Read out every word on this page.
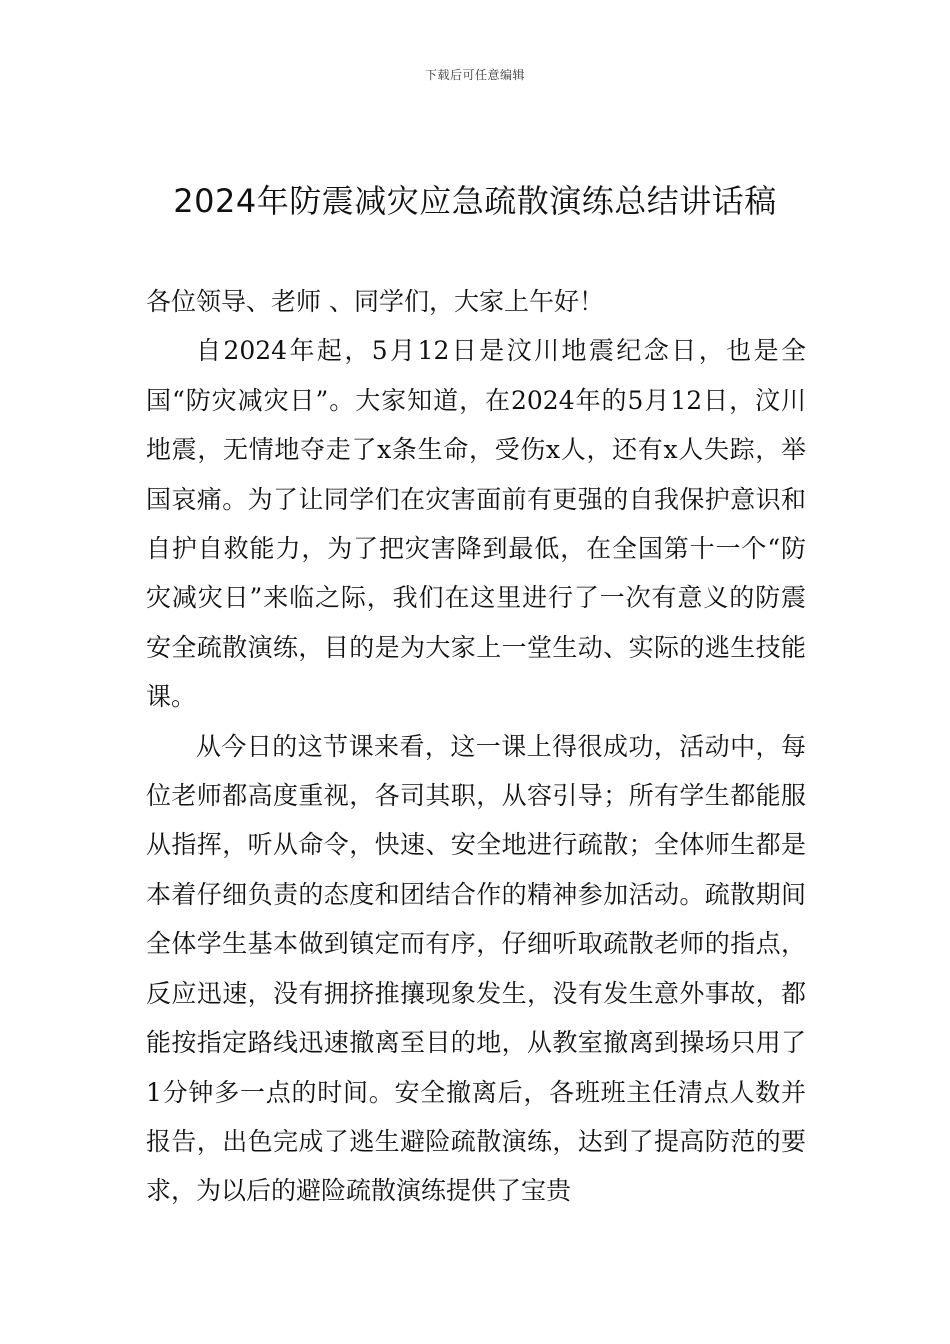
下载后可任意编辑
2024年防震减灾应急疏散演练总结讲话稿

各位领导、老师 、同学们，大家上午好！

自2024年起，5月12日是汶川地震纪念日，也是全国“防灾减灾日”。大家知道，在2024年的5月12日，汶川地震，无情地夺走了x条生命，受伤x人，还有x人失踪，举国哀痛。为了让同学们在灾害面前有更强的自我保护意识和自护自救能力，为了把灾害降到最低，在全国第十一个“防灾减灾日”来临之际，我们在这里进行了一次有意义的防震安全疏散演练，目的是为大家上一堂生动、实际的逃生技能课。

从今日的这节课来看，这一课上得很成功，活动中，每位老师都高度重视，各司其职，从容引导；所有学生都能服从指挥，听从命令，快速、安全地进行疏散；全体师生都是本着仔细负责的态度和团结合作的精神参加活动。疏散期间全体学生基本做到镇定而有序，仔细听取疏散老师的指点，反应迅速，没有拥挤推攘现象发生，没有发生意外事故，都能按指定路线迅速撤离至目的地，从教室撤离到操场只用了1分钟多一点的时间。安全撤离后，各班班主任清点人数并报告，出色完成了逃生避险疏散演练，达到了提高防范的要求，为以后的避险疏散演练提供了宝贵
